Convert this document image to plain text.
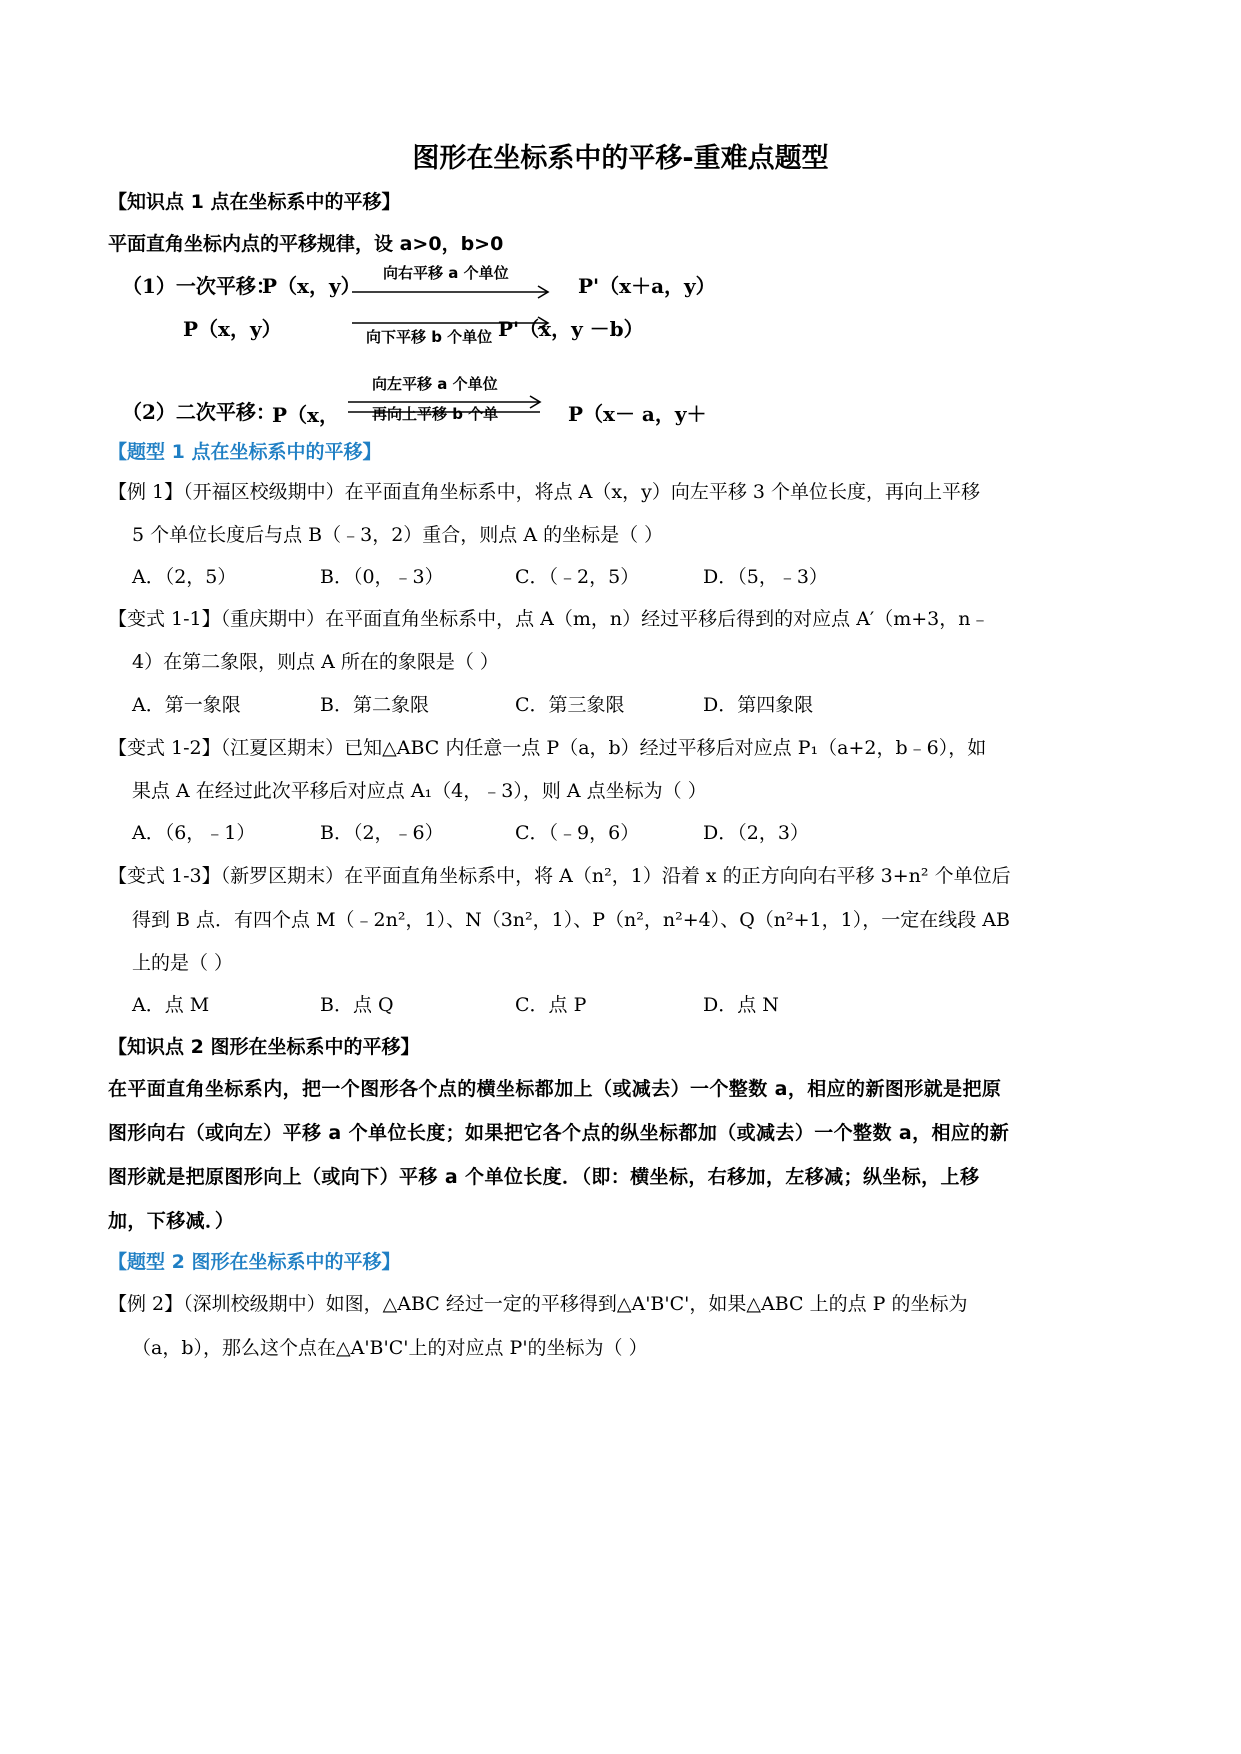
图形在坐标系中的平移-重难点题型
【知识点 1 点在坐标系中的平移】
平面直角坐标内点的平移规律，设 a>0，b>0
（1）一次平移：
P（x，y）
向右平移 a 个单位
P'（x＋a，y）
P（x，y）	P'（x，y －b）
向下平移 b 个单位
向左平移 a 个单位
（2）二次平移：
P（x， 再向上平移 b 个单	P（x－ a，y＋
【题型 1 点在坐标系中的平移】
【例 1】（开福区校级期中）在平面直角坐标系中，将点 A（x，y）向左平移 3 个单位长度，再向上平移
5 个单位长度后与点 B（﹣3，2）重合，则点 A 的坐标是（ ）
A．（2，5）	B．（0，﹣3）	C．（﹣2，5）	D．（5，﹣3）
【变式 1-1】（重庆期中）在平面直角坐标系中，点 A（m，n）经过平移后得到的对应点 A′（m+3，n﹣
4）在第二象限，则点 A 所在的象限是（ ）
A．第一象限	B．第二象限	C．第三象限	D．第四象限
【变式 1-2】（江夏区期末）已知△ABC 内任意一点 P（a，b）经过平移后对应点 P₁（a+2，b﹣6），如
果点 A 在经过此次平移后对应点 A₁（4，﹣3），则 A 点坐标为（ ）
A．（6，﹣1）	B．（2，﹣6）	C．（﹣9，6）	D．（2，3）
【变式 1-3】（新罗区期末）在平面直角坐标系中，将 A（n²，1）沿着 x 的正方向向右平移 3+n² 个单位后
得到 B 点．有四个点 M（﹣2n²，1）、N（3n²，1）、P（n²，n²+4）、Q（n²+1，1），一定在线段 AB
上的是（ ）
A．点 M	B．点 Q	C．点 P	D．点 N
【知识点 2 图形在坐标系中的平移】
在平面直角坐标系内，把一个图形各个点的横坐标都加上（或减去）一个整数 a，相应的新图形就是把原
图形向右（或向左）平移 a 个单位长度；如果把它各个点的纵坐标都加（或减去）一个整数 a，相应的新
图形就是把原图形向上（或向下）平移 a 个单位长度．（即：横坐标，右移加，左移减；纵坐标，上移
加，下移减．）
【题型 2 图形在坐标系中的平移】
【例 2】（深圳校级期中）如图，△ABC 经过一定的平移得到△A'B'C'，如果△ABC 上的点 P 的坐标为
（a，b），那么这个点在△A'B'C'上的对应点 P'的坐标为（ ）
